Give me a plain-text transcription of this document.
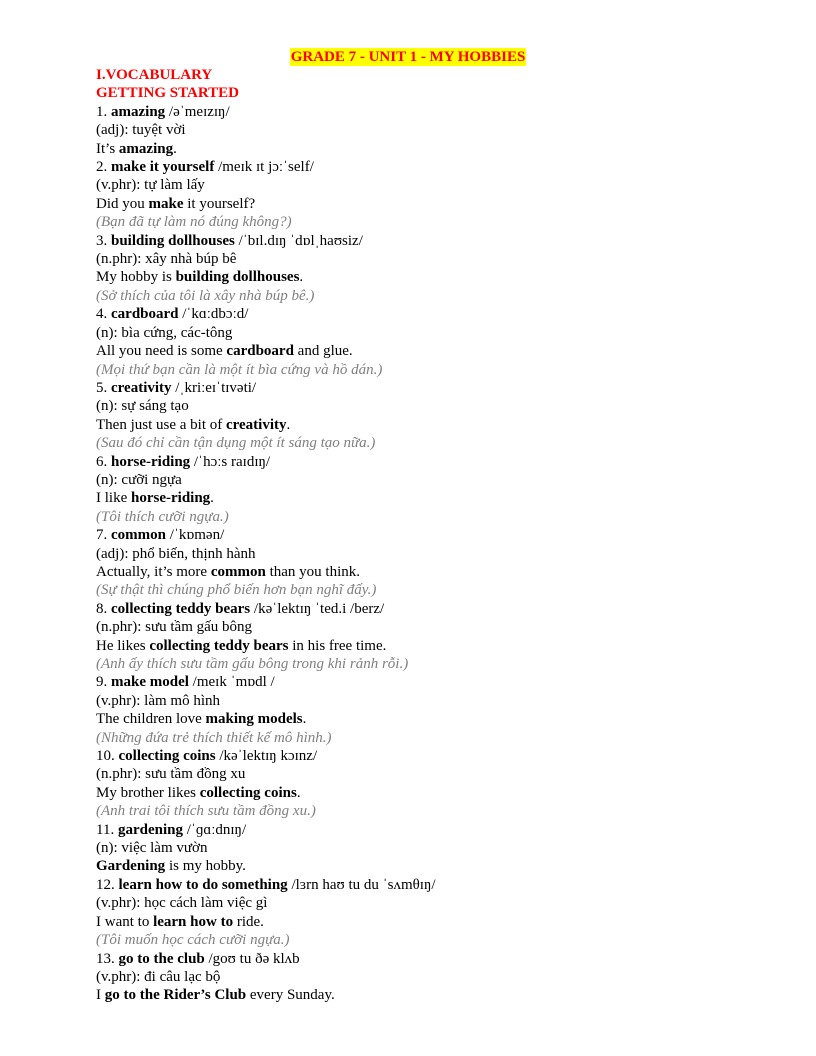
GRADE 7 - UNIT 1 - MY HOBBIES
I.VOCABULARY
GETTING STARTED
1. amazing /əˈmeɪzɪŋ/
(adj): tuyệt vời
It’s amazing.
2. make it yourself /meɪk ɪt jɔːˈself/
(v.phr): tự làm lấy
Did you make it yourself?
(Bạn đã tự làm nó đúng không?)
3. building dollhouses /ˈbɪl.dɪŋ ˈdɒlˌhaʊsiz/
(n.phr): xây nhà búp bê
My hobby is building dollhouses.
(Sở thích của tôi là xây nhà búp bê.)
4. cardboard /ˈkɑːdbɔːd/
(n): bìa cứng, các-tông
All you need is some cardboard and glue.
(Mọi thứ bạn cần là một ít bìa cứng và hồ dán.)
5. creativity /ˌkriːeɪˈtɪvəti/
(n): sự sáng tạo
Then just use a bit of creativity.
(Sau đó chỉ cần tận dụng một ít sáng tạo nữa.)
6. horse-riding /ˈhɔːs raɪdɪŋ/
(n): cưỡi ngựa
I like horse-riding.
(Tôi thích cưỡi ngựa.)
7. common /ˈkɒmən/
(adj): phổ biến, thịnh hành
Actually, it’s more common than you think.
(Sự thật thì chúng phổ biến hơn bạn nghĩ đấy.)
8. collecting teddy bears /kəˈlektɪŋ ˈted.i /berz/
(n.phr): sưu tầm gấu bông
He likes collecting teddy bears in his free time.
(Anh ấy thích sưu tầm gấu bông trong khi rảnh rỗi.)
9. make model /meɪk ˈmɒdl /
(v.phr): làm mô hình
The children love making models.
(Những đứa trẻ thích thiết kế mô hình.)
10. collecting coins /kəˈlektɪŋ kɔɪnz/
(n.phr): sưu tầm đồng xu
My brother likes collecting coins.
(Anh trai tôi thích sưu tầm đồng xu.)
11. gardening /ˈɡɑːdnɪŋ/
(n): việc làm vườn
Gardening is my hobby.
12. learn how to do something /lɜrn haʊ tu du ˈsʌmθɪŋ/
(v.phr): học cách làm việc gì
I want to learn how to ride.
(Tôi muốn học cách cưỡi ngựa.)
13. go to the club /goʊ tu ðə klʌb
(v.phr): đi câu lạc bộ
I go to the Rider’s Club every Sunday.
